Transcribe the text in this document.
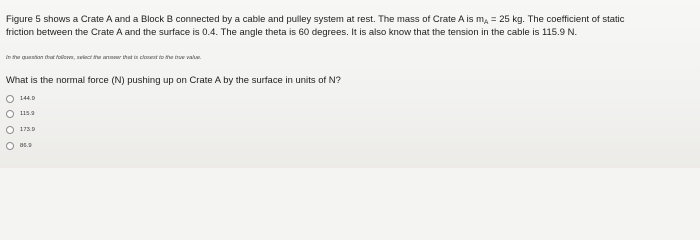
Figure 5 shows a Crate A and a Block B connected by a cable and pulley system at rest. The mass of Crate A is $m_A = 25$ kg. The coefficient of static
friction between the Crate A and the surface is 0.4. The angle theta is 60 degrees. It is also know that the tension in the cable is 115.9 N.
In the question that follows, select the answer that is closest to the true value.
What is the normal force (N) pushing up on Crate A by the surface in units of N?
144.9
115.9
173.9
86.9
